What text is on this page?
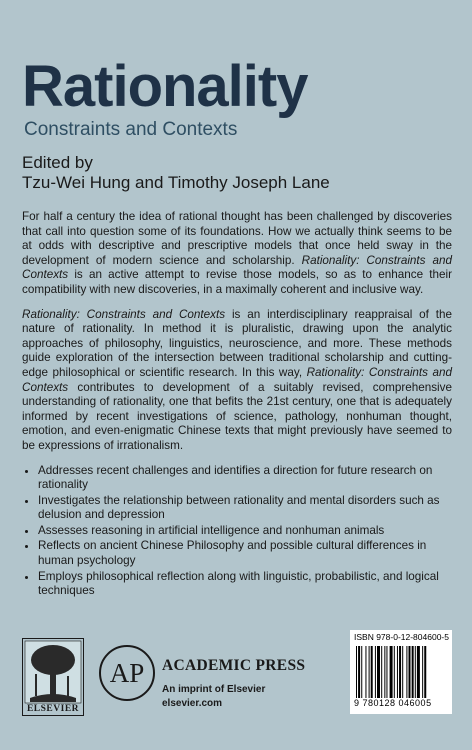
Rationality
Constraints and Contexts
Edited by
Tzu-Wei Hung and Timothy Joseph Lane

For half a century the idea of rational thought has been challenged by discoveries that call into question some of its foundations. How we actually think seems to be at odds with descriptive and prescriptive models that once held sway in the development of modern science and scholarship. Rationality: Constraints and Contexts is an active attempt to revise those models, so as to enhance their compatibility with new discoveries, in a maximally coherent and inclusive way.

Rationality: Constraints and Contexts is an interdisciplinary reappraisal of the nature of rationality. In method it is pluralistic, drawing upon the analytic approaches of philosophy, linguistics, neuroscience, and more. These methods guide exploration of the intersection between traditional scholarship and cutting-edge philosophical or scientific research. In this way, Rationality: Constraints and Contexts contributes to development of a suitably revised, comprehensive understanding of rationality, one that befits the 21st century, one that is adequately informed by recent investigations of science, pathology, nonhuman thought, emotion, and even-enigmatic Chinese texts that might previously have seemed to be expressions of irrationalism.

• Addresses recent challenges and identifies a direction for future research on rationality
• Investigates the relationship between rationality and mental disorders such as delusion and depression
• Assesses reasoning in artificial intelligence and nonhuman animals
• Reflects on ancient Chinese Philosophy and possible cultural differences in human psychology
• Employs philosophical reflection along with linguistic, probabilistic, and logical techniques
ELSEVIER
AP ACADEMIC PRESS
An imprint of Elsevier
elsevier.com
ISBN 978-0-12-804600-5
9 780128 046005
